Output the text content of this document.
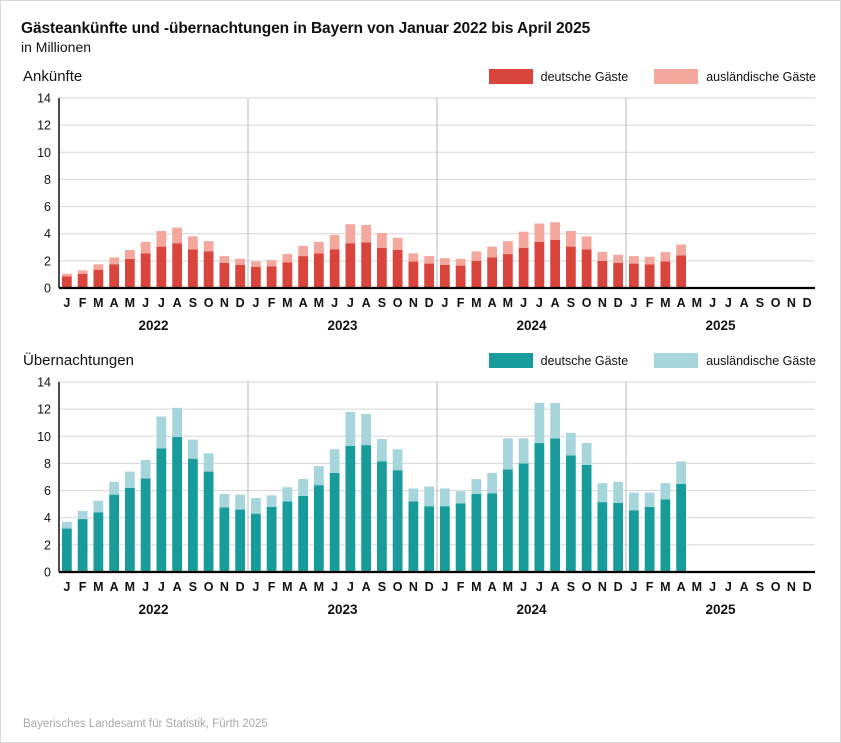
Gästeankünfte und -übernachtungen in Bayern von Januar 2022 bis April 2025
in Millionen
Ankünfte	deutsche Gäste	ausländische Gäste
0
2
4
6
8
10
12
14
J F M A M J J A S O N D J F M A M J J A S O N D J F M A M J J A S O N D J F M A M J J A S O N D
2022	2023	2024	2025
Übernachtungen	deutsche Gäste	ausländische Gäste
0
2
4
6
8
10
12
14
J F M A M J J A S O N D J F M A M J J A S O N D J F M A M J J A S O N D J F M A M J J A S O N D
2022	2023	2024	2025
Bayerisches Landesamt für Statistik, Fürth 2025
